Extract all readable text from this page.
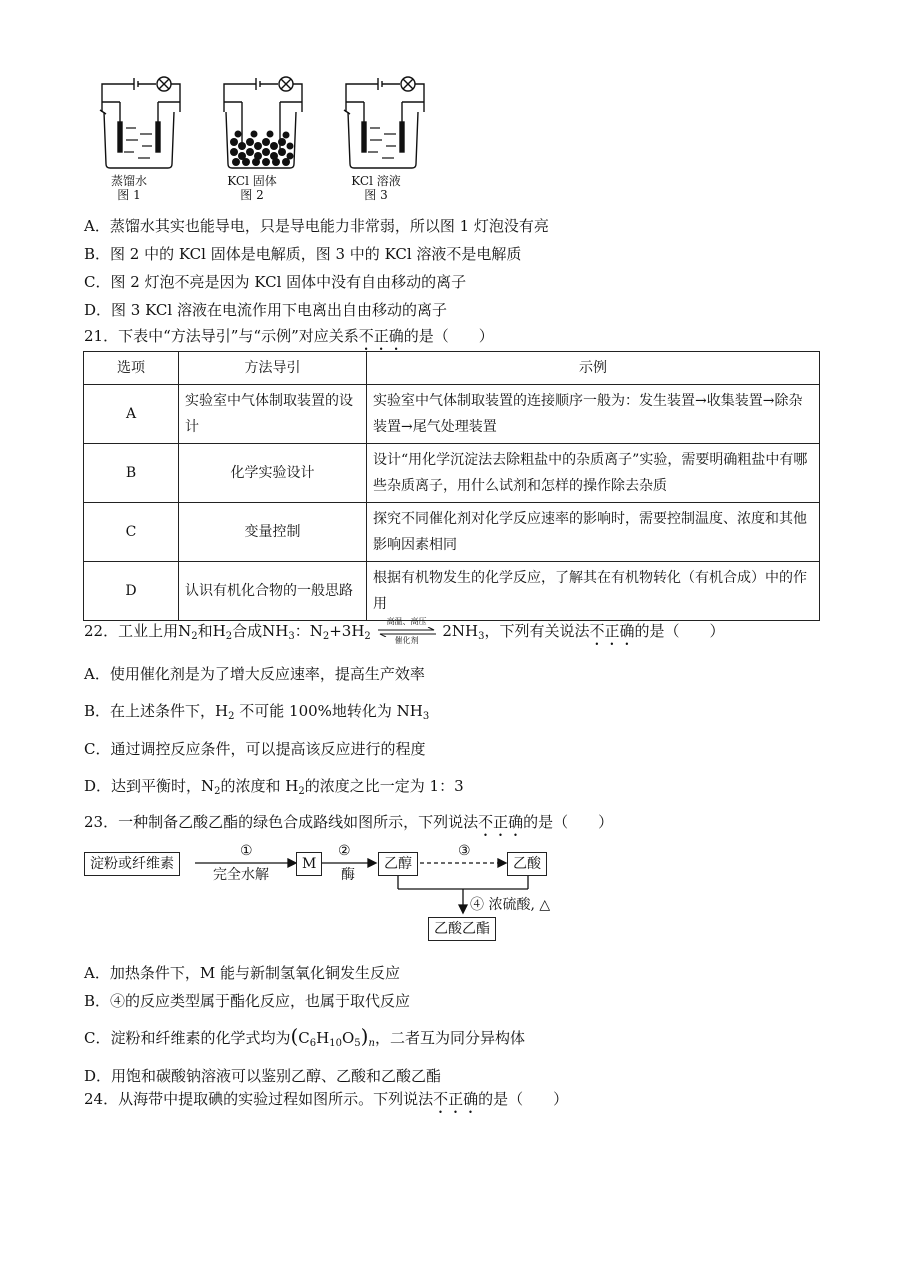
蒸馏水
图 1
KCl 固体
图 2
KCl 溶液
图 3
A．蒸馏水其实也能导电，只是导电能力非常弱，所以图 1 灯泡没有亮
B．图 2 中的 KCl 固体是电解质，图 3 中的 KCl 溶液不是电解质
C．图 2 灯泡不亮是因为 KCl 固体中没有自由移动的离子
D．图 3 KCl 溶液在电流作用下电离出自由移动的离子
21．下表中“方法导引”与“示例”对应关系不正确的是（　　）
选项	方法导引	示例
A	实验室中气体制取装置的设计	实验室中气体制取装置的连接顺序一般为：发生装置→收集装置→除杂装置→尾气处理装置
B	化学实验设计	设计“用化学沉淀法去除粗盐中的杂质离子”实验，需要明确粗盐中有哪些杂质离子，用什么试剂和怎样的操作除去杂质
C	变量控制	探究不同催化剂对化学反应速率的影响时，需要控制温度、浓度和其他影响因素相同
D	认识有机化合物的一般思路	根据有机物发生的化学反应，了解其在有机物转化（有机合成）中的作用
22．工业上用$N_2$和$H_2$合成$NH_3$：$N_2+3H_2$
高温、高压
催化剂
$2NH_3$，下列有关说法不正确的是（　　）
A．使用催化剂是为了增大反应速率，提高生产效率
B．在上述条件下，$H_2$ 不可能 100%地转化为 $NH_3$
C．通过调控反应条件，可以提高该反应进行的程度
D．达到平衡时，$N_2$的浓度和 $H_2$的浓度之比一定为 1：3
23．一种制备乙酸乙酯的绿色合成路线如图所示，下列说法不正确的是（　　）
淀粉或纤维素
①
完全水解
M
②
酶
乙醇
③
乙酸
④ 浓硫酸, △
乙酸乙酯
A．加热条件下，M 能与新制氢氧化铜发生反应
B．④的反应类型属于酯化反应，也属于取代反应
C．淀粉和纤维素的化学式均为$(C_6H_{10}O_5)_n$，二者互为同分异构体
D．用饱和碳酸钠溶液可以鉴别乙醇、乙酸和乙酸乙酯
24．从海带中提取碘的实验过程如图所示。下列说法不正确的是（　　）
